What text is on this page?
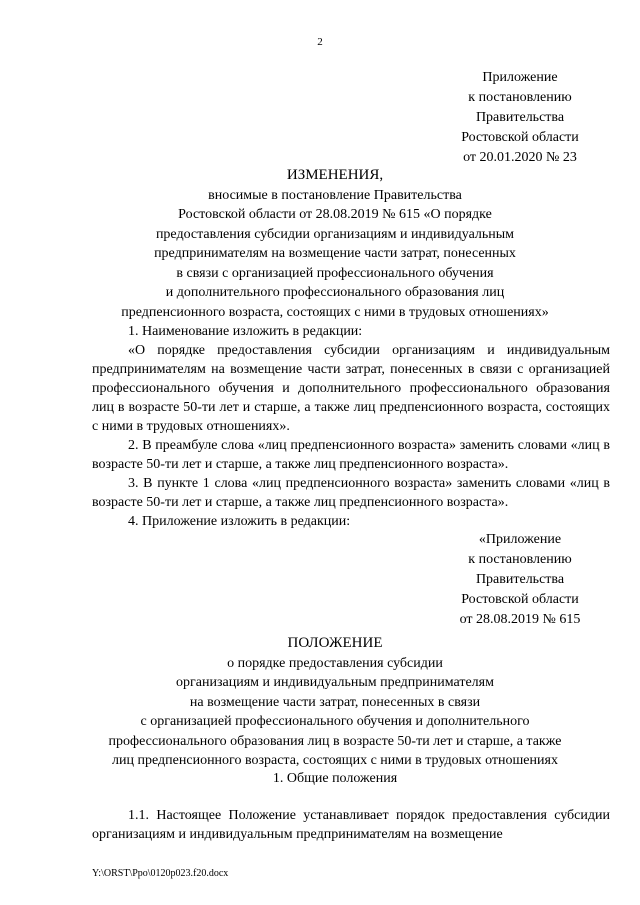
2
Приложение
к постановлению
Правительства
Ростовской области
от 20.01.2020 № 23
ИЗМЕНЕНИЯ,
вносимые в постановление Правительства
Ростовской области от 28.08.2019 № 615 «О порядке
предоставления субсидии организациям и индивидуальным
предпринимателям на возмещение части затрат, понесенных
в связи с организацией профессионального обучения
и дополнительного профессионального образования лиц
предпенсионного возраста, состоящих с ними в трудовых отношениях»

1. Наименование изложить в редакции:

«О порядке предоставления субсидии организациям и индивидуальным предпринимателям на возмещение части затрат, понесенных в связи с организацией профессионального обучения и дополнительного профессионального образования лиц в возрасте 50-ти лет и старше, а также лиц предпенсионного возраста, состоящих с ними в трудовых отношениях».

2. В преамбуле слова «лиц предпенсионного возраста» заменить словами «лиц в возрасте 50-ти лет и старше, а также лиц предпенсионного возраста».

3. В пункте 1 слова «лиц предпенсионного возраста» заменить словами «лиц в возрасте 50-ти лет и старше, а также лиц предпенсионного возраста».

4. Приложение изложить в редакции:

«Приложение
к постановлению
Правительства
Ростовской области
от 28.08.2019 № 615
ПОЛОЖЕНИЕ
о порядке предоставления субсидии
организациям и индивидуальным предпринимателям
на возмещение части затрат, понесенных в связи
с организацией профессионального обучения и дополнительного
профессионального образования лиц в возрасте 50-ти лет и старше, а также
лиц предпенсионного возраста, состоящих с ними в трудовых отношениях
1. Общие положения

1.1. Настоящее Положение устанавливает порядок предоставления субсидии организациям и индивидуальным предпринимателям на возмещение

Y:\ORST\Ppo\0120p023.f20.docx
